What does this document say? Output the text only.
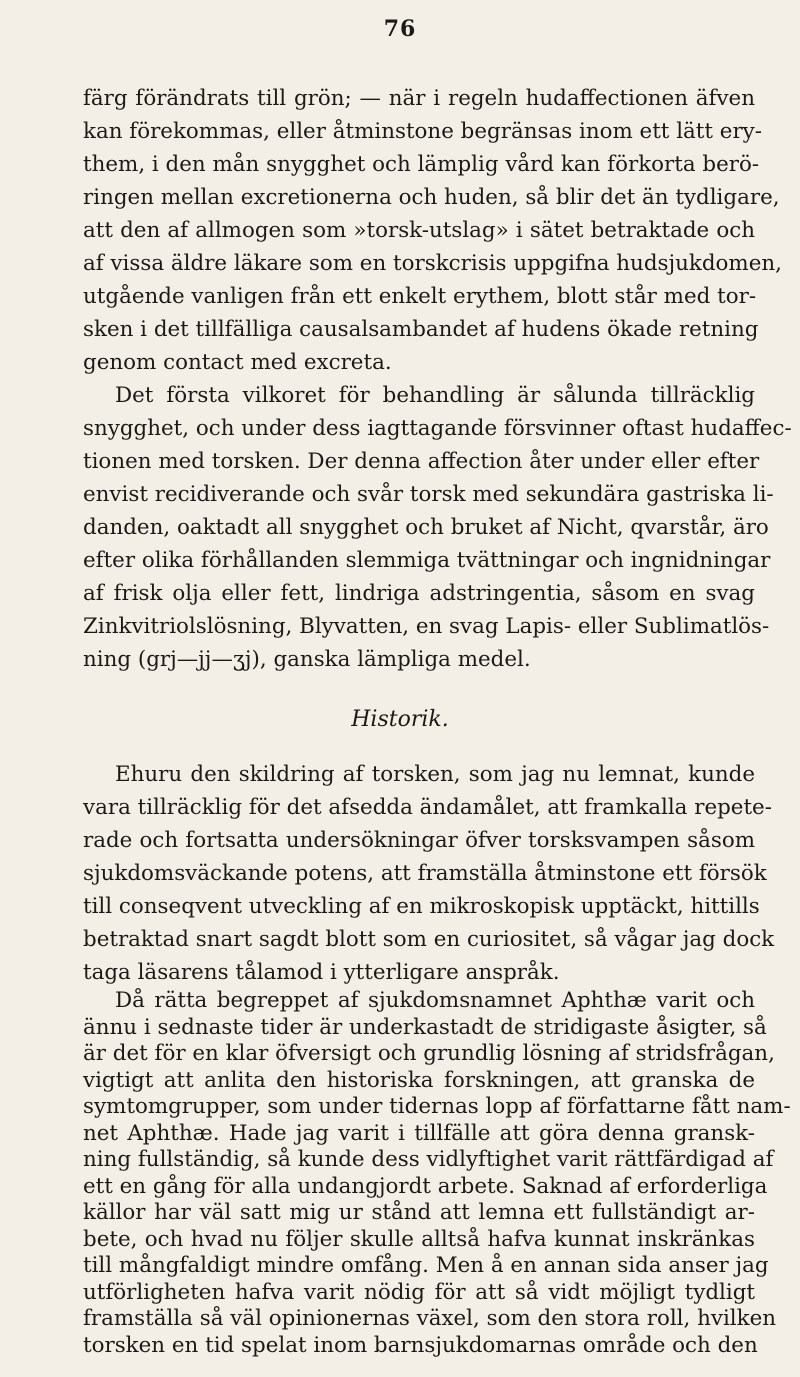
76
färg förändrats till grön; — när i regeln hudaffectionen äfven
kan förekommas, eller åtminstone begränsas inom ett lätt ery-
them, i den mån snygghet och lämplig vård kan förkorta berö-
ringen mellan excretionerna och huden, så blir det än tydligare,
att den af allmogen som »torsk-utslag» i sätet betraktade och
af vissa äldre läkare som en torskcrisis uppgifna hudsjukdomen,
utgående vanligen från ett enkelt erythem, blott står med tor-
sken i det tillfälliga causalsambandet af hudens ökade retning
genom contact med excreta.
Det första vilkoret för behandling är sålunda tillräcklig
snygghet, och under dess iagttagande försvinner oftast hudaffec-
tionen med torsken. Der denna affection åter under eller efter
envist recidiverande och svår torsk med sekundära gastriska li-
danden, oaktadt all snygghet och bruket af Nicht, qvarstår, äro
efter olika förhållanden slemmiga tvättningar och ingnidningar
af frisk olja eller fett, lindriga adstringentia, såsom en svag
Zinkvitriolslösning, Blyvatten, en svag Lapis- eller Sublimatlös-
ning (grj—jj—ʒj), ganska lämpliga medel.
Historik.
Ehuru den skildring af torsken, som jag nu lemnat, kunde
vara tillräcklig för det afsedda ändamålet, att framkalla repete-
rade och fortsatta undersökningar öfver torsksvampen såsom
sjukdomsväckande potens, att framställa åtminstone ett försök
till conseqvent utveckling af en mikroskopisk upptäckt, hittills
betraktad snart sagdt blott som en curiositet, så vågar jag dock
taga läsarens tålamod i ytterligare anspråk.
Då rätta begreppet af sjukdomsnamnet Aphthæ varit och
ännu i sednaste tider är underkastadt de stridigaste åsigter, så
är det för en klar öfversigt och grundlig lösning af stridsfrågan,
vigtigt att anlita den historiska forskningen, att granska de
symtomgrupper, som under tidernas lopp af författarne fått nam-
net Aphthæ. Hade jag varit i tillfälle att göra denna gransk-
ning fullständig, så kunde dess vidlyftighet varit rättfärdigad af
ett en gång för alla undangjordt arbete. Saknad af erforderliga
källor har väl satt mig ur stånd att lemna ett fullständigt ar-
bete, och hvad nu följer skulle alltså hafva kunnat inskränkas
till mångfaldigt mindre omfång. Men å en annan sida anser jag
utförligheten hafva varit nödig för att så vidt möjligt tydligt
framställa så väl opinionernas växel, som den stora roll, hvilken
torsken en tid spelat inom barnsjukdomarnas område och den
